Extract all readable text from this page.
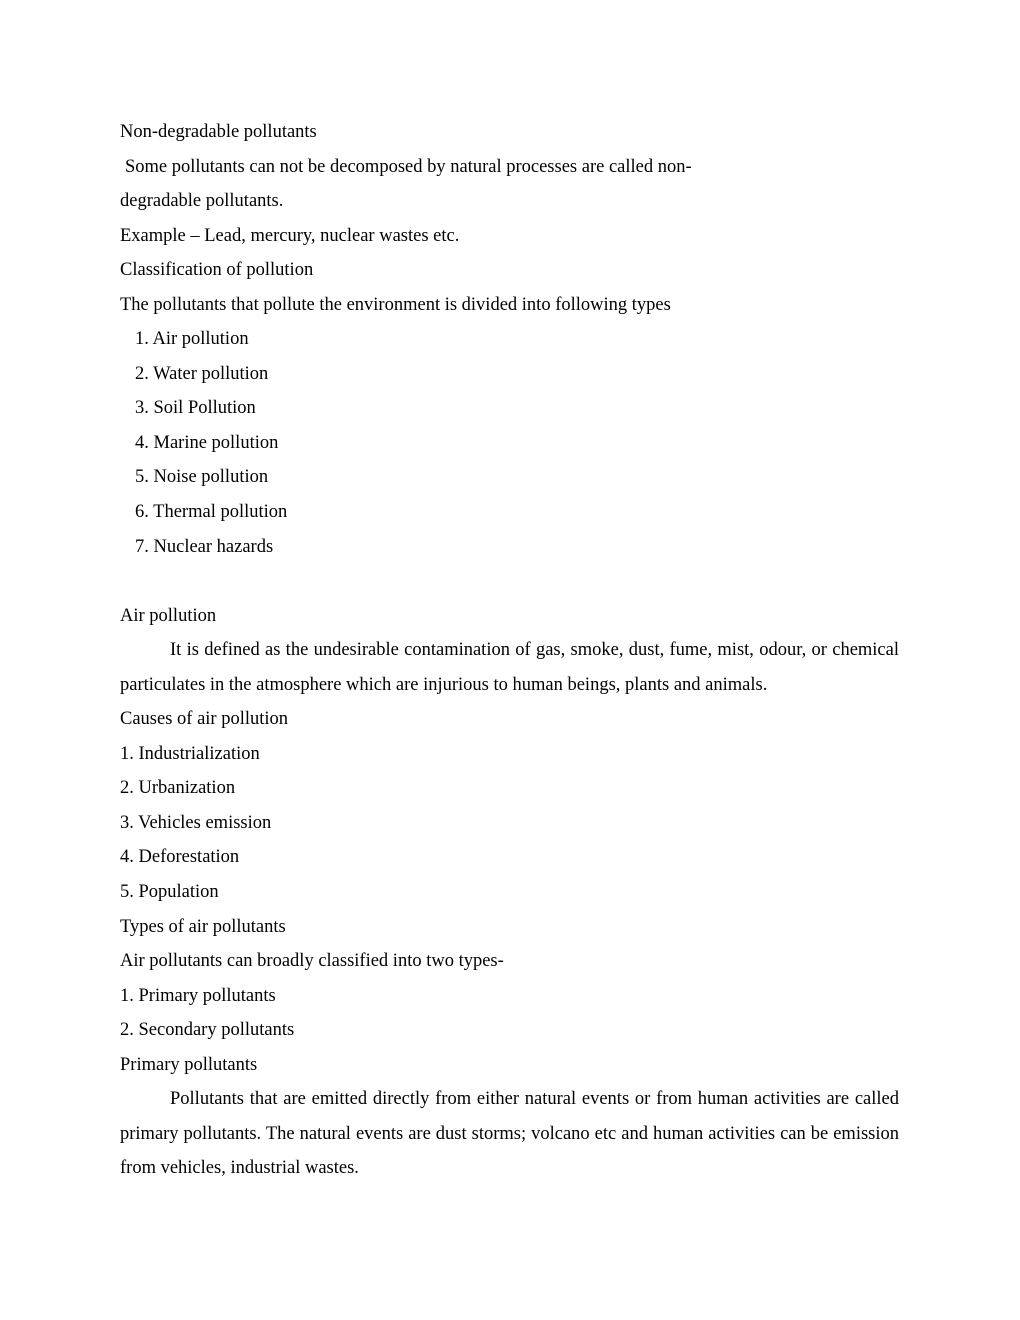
Non-degradable pollutants
Some pollutants can not be decomposed by natural processes are called non-
degradable pollutants.
Example – Lead, mercury, nuclear wastes etc.
Classification of pollution
The pollutants that pollute the environment is divided into following types
1. Air pollution
2. Water pollution
3. Soil Pollution
4. Marine pollution
5. Noise pollution
6. Thermal pollution
7. Nuclear hazards
Air pollution
It is defined as the undesirable contamination of gas, smoke, dust, fume, mist, odour, or chemical particulates in the atmosphere which are injurious to human beings, plants and animals.
Causes of air pollution
1. Industrialization
2. Urbanization
3. Vehicles emission
4. Deforestation
5. Population
Types of air pollutants
Air pollutants can broadly classified into two types-
1. Primary pollutants
2. Secondary pollutants
Primary pollutants
Pollutants that are emitted directly from either natural events or from human activities are called primary pollutants. The natural events are dust storms; volcano etc and human activities can be emission from vehicles, industrial wastes.
